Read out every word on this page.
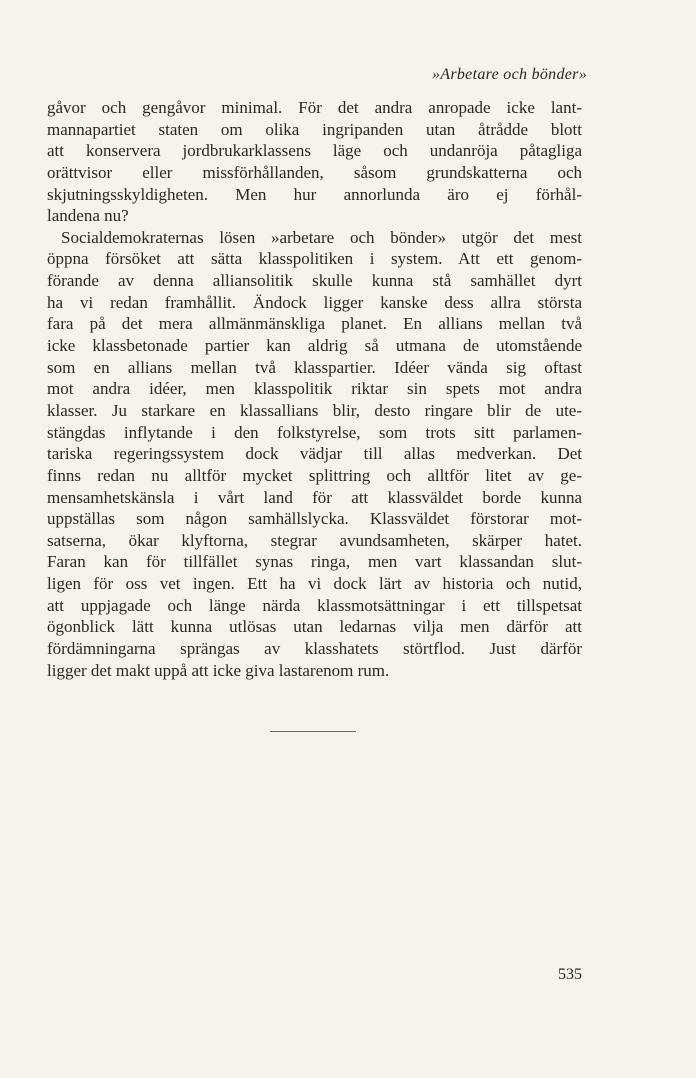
»Arbetare och bönder»
gåvor och gengåvor minimal. För det andra anropade icke lant-
mannapartiet staten om olika ingripanden utan åtrådde blott
att konservera jordbrukarklassens läge och undanröja påtagliga
orättvisor eller missförhållanden, såsom grundskatterna och
skjutningsskyldigheten. Men hur annorlunda äro ej förhål-
landena nu?
Socialdemokraternas lösen »arbetare och bönder» utgör det mest
öppna försöket att sätta klasspolitiken i system. Att ett genom-
förande av denna alliansolitik skulle kunna stå samhället dyrt
ha vi redan framhållit. Ändock ligger kanske dess allra största
fara på det mera allmänmänskliga planet. En allians mellan två
icke klassbetonade partier kan aldrig så utmana de utomstående
som en allians mellan två klasspartier. Idéer vända sig oftast
mot andra idéer, men klasspolitik riktar sin spets mot andra
klasser. Ju starkare en klassallians blir, desto ringare blir de ute-
stängdas inflytande i den folkstyrelse, som trots sitt parlamen-
tariska regeringssystem dock vädjar till allas medverkan. Det
finns redan nu alltför mycket splittring och alltför litet av ge-
mensamhetskänsla i vårt land för att klassväldet borde kunna
uppställas som någon samhällslycka. Klassväldet förstorar mot-
satserna, ökar klyftorna, stegrar avundsamheten, skärper hatet.
Faran kan för tillfället synas ringa, men vart klassandan slut-
ligen för oss vet ingen. Ett ha vi dock lärt av historia och nutid,
att uppjagade och länge närda klassmotsättningar i ett tillspetsat
ögonblick lätt kunna utlösas utan ledarnas vilja men därför att
fördämningarna sprängas av klasshatets störtflod. Just därför
ligger det makt uppå att icke giva lastarenom rum.
535
